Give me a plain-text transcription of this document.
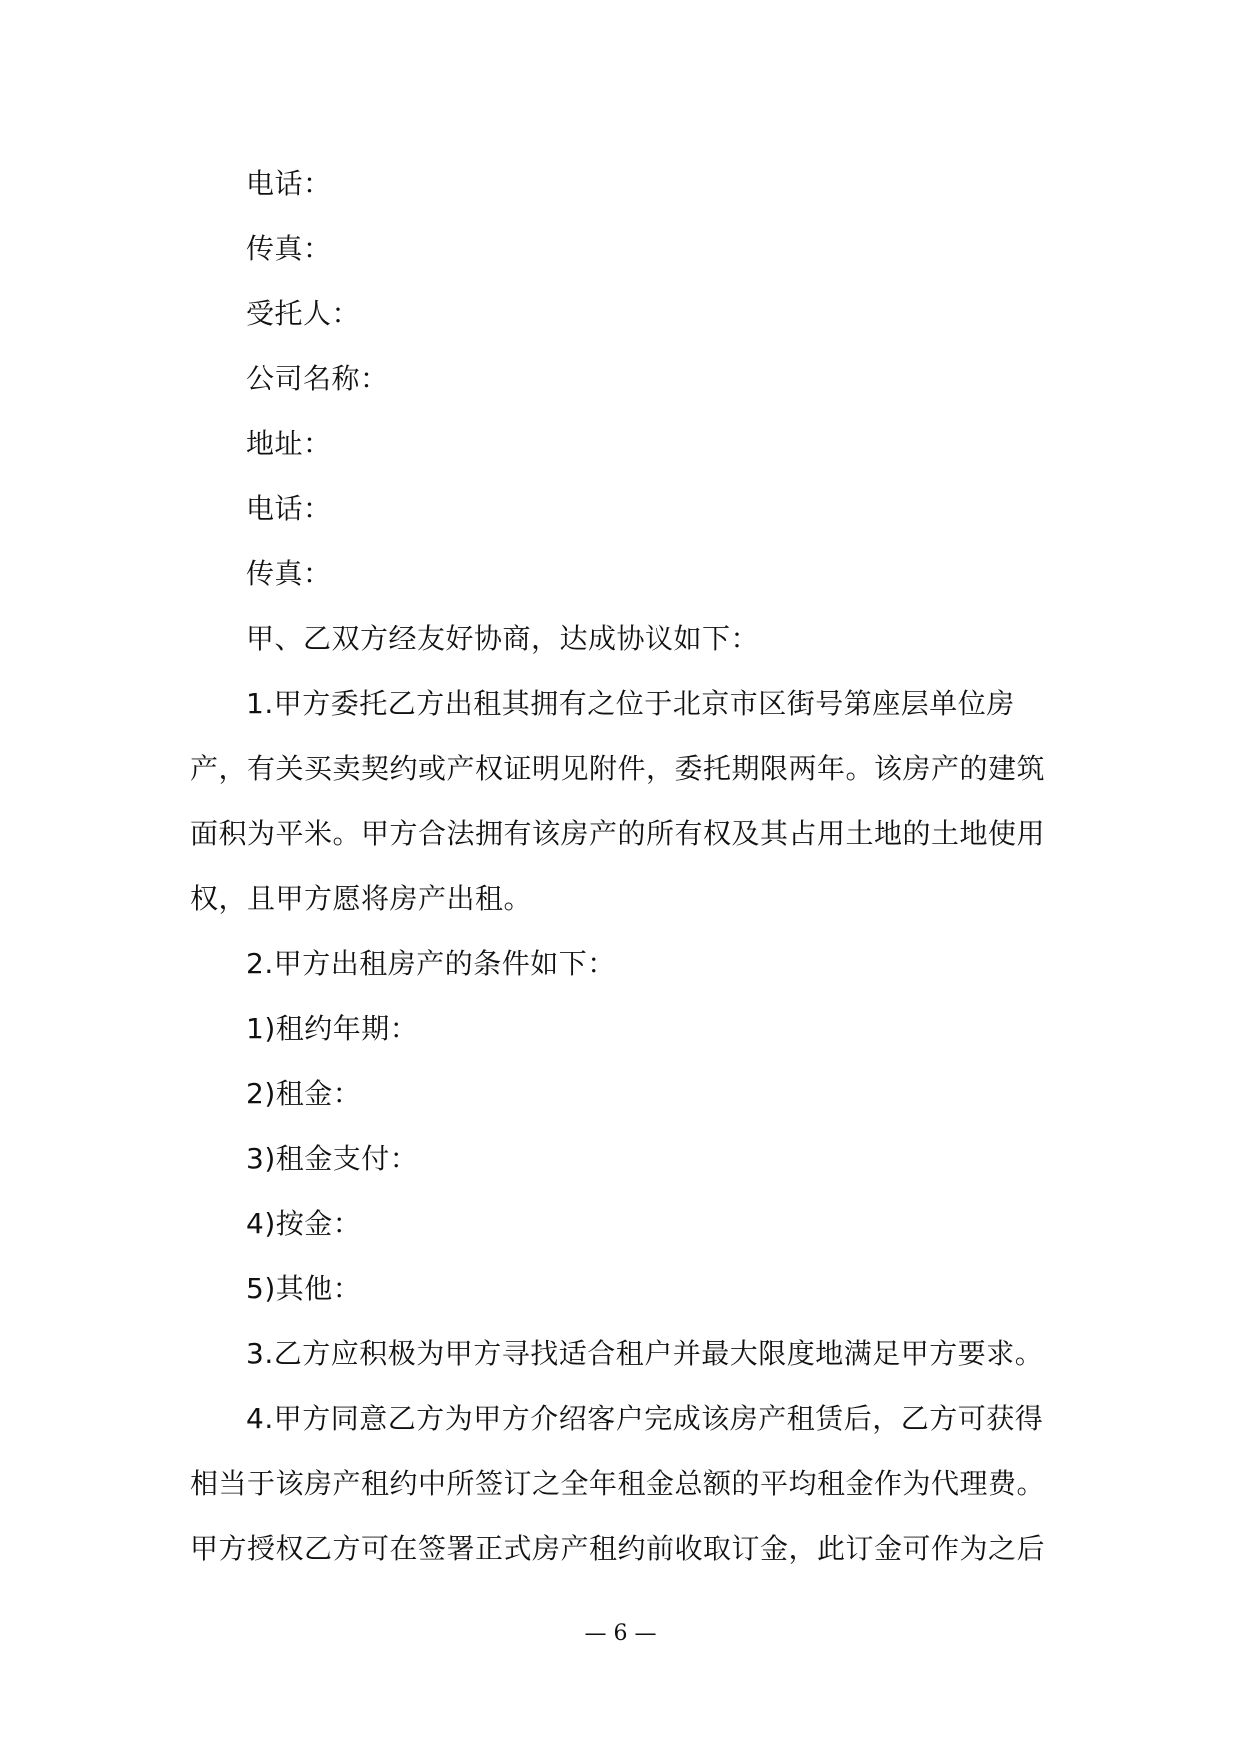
电话：
传真：
受托人：
公司名称：
地址：
电话：
传真：
甲、乙双方经友好协商，达成协议如下：
1.甲方委托乙方出租其拥有之位于北京市区街号第座层单位房
产，有关买卖契约或产权证明见附件，委托期限两年。该房产的建筑
面积为平米。甲方合法拥有该房产的所有权及其占用土地的土地使用
权，且甲方愿将房产出租。
2.甲方出租房产的条件如下：
1)租约年期：
2)租金：
3)租金支付：
4)按金：
5)其他：
3.乙方应积极为甲方寻找适合租户并最大限度地满足甲方要求。
4.甲方同意乙方为甲方介绍客户完成该房产租赁后，乙方可获得
相当于该房产租约中所签订之全年租金总额的平均租金作为代理费。
甲方授权乙方可在签署正式房产租约前收取订金，此订金可作为之后
— 6 —
